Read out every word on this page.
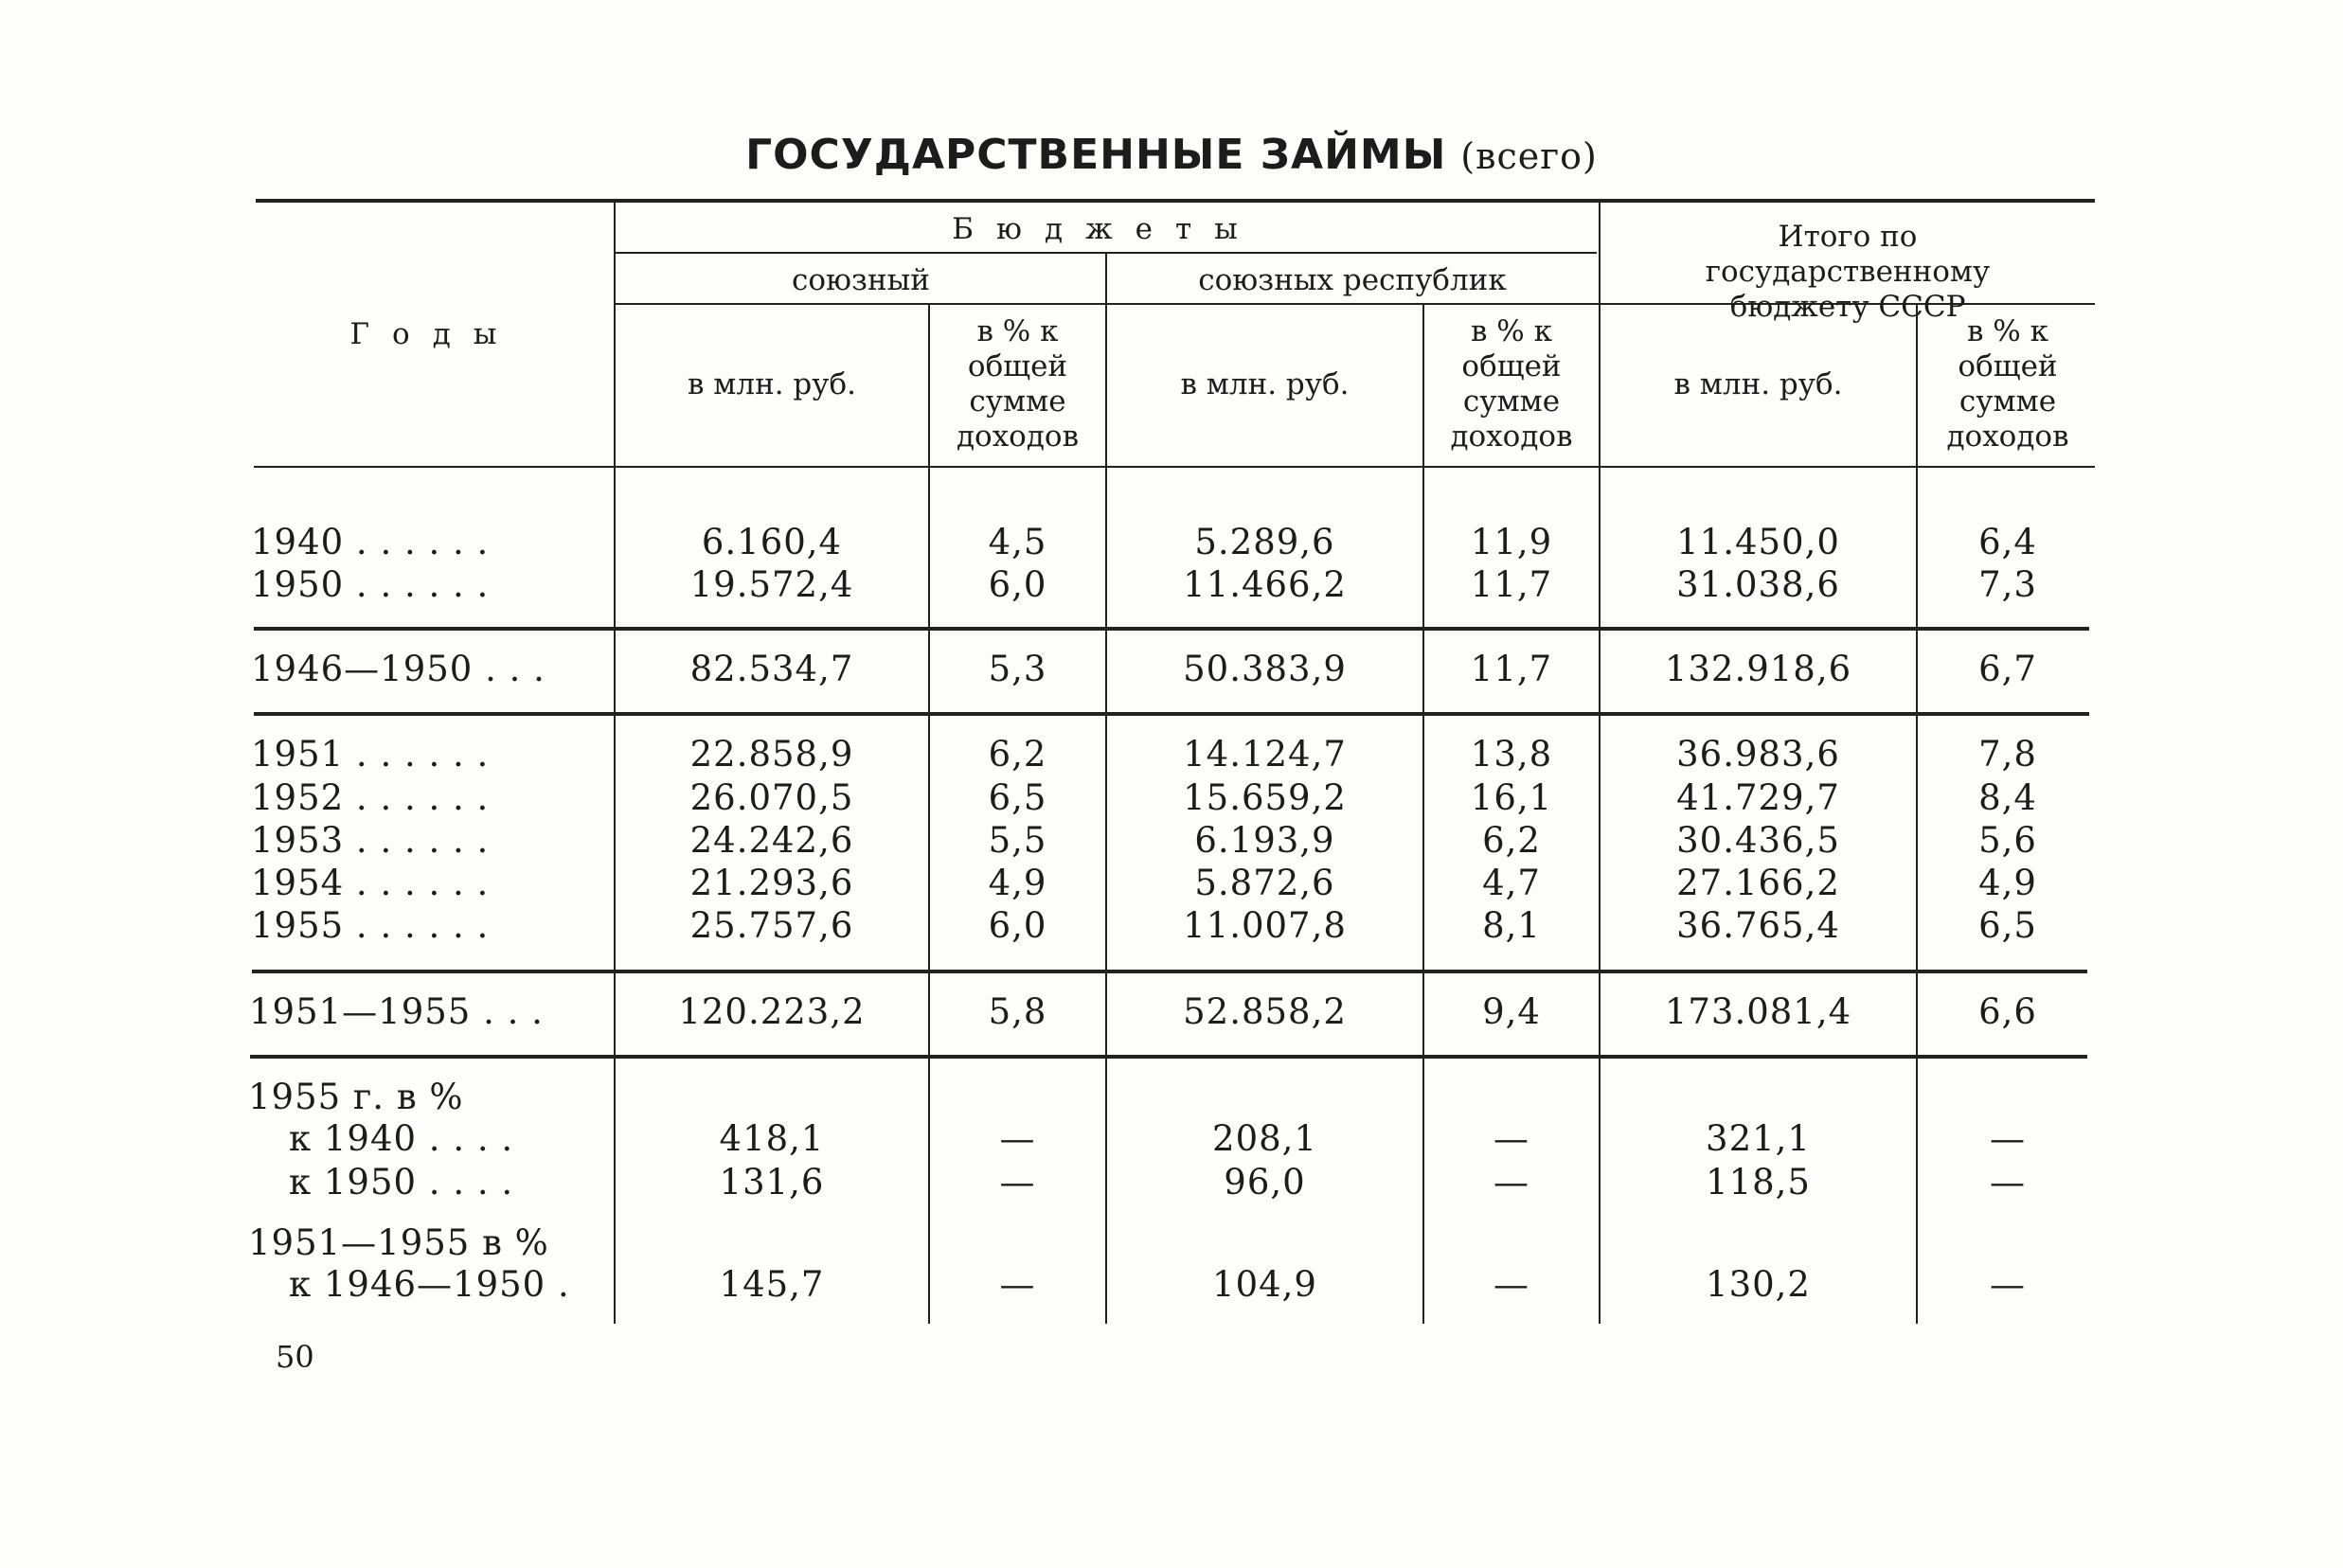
ГОСУДАРСТВЕННЫЕ ЗАЙМЫ (всего)
Годы
Бюджеты
союзный	союзных республик
Итого по государственному бюджету СССР
в млн. руб.
в % к общей сумме доходов
в млн. руб.
в % к общей сумме доходов
в млн. руб.
в % к общей сумме доходов
1940 . . . . . .	6.160,4	4,5	5.289,6	11,9	11.450,0	6,4
1950 . . . . . .	19.572,4	6,0	11.466,2	11,7	31.038,6	7,3
1946—1950 . . .	82.534,7	5,3	50.383,9	11,7	132.918,6	6,7
1951 . . . . . .	22.858,9	6,2	14.124,7	13,8	36.983,6	7,8
1952 . . . . . .	26.070,5	6,5	15.659,2	16,1	41.729,7	8,4
1953 . . . . . .	24.242,6	5,5	6.193,9	6,2	30.436,5	5,6
1954 . . . . . .	21.293,6	4,9	5.872,6	4,7	27.166,2	4,9
1955 . . . . . .	25.757,6	6,0	11.007,8	8,1	36.765,4	6,5
1951—1955 . . .	120.223,2	5,8	52.858,2	9,4	173.081,4	6,6
1955 г. в %
к 1940 . . . .	418,1	—	208,1	—	321,1	—
к 1950 . . . .	131,6	—	96,0	—	118,5	—
1951—1955 в %
к 1946—1950 .	145,7	—	104,9	—	130,2	—
50
